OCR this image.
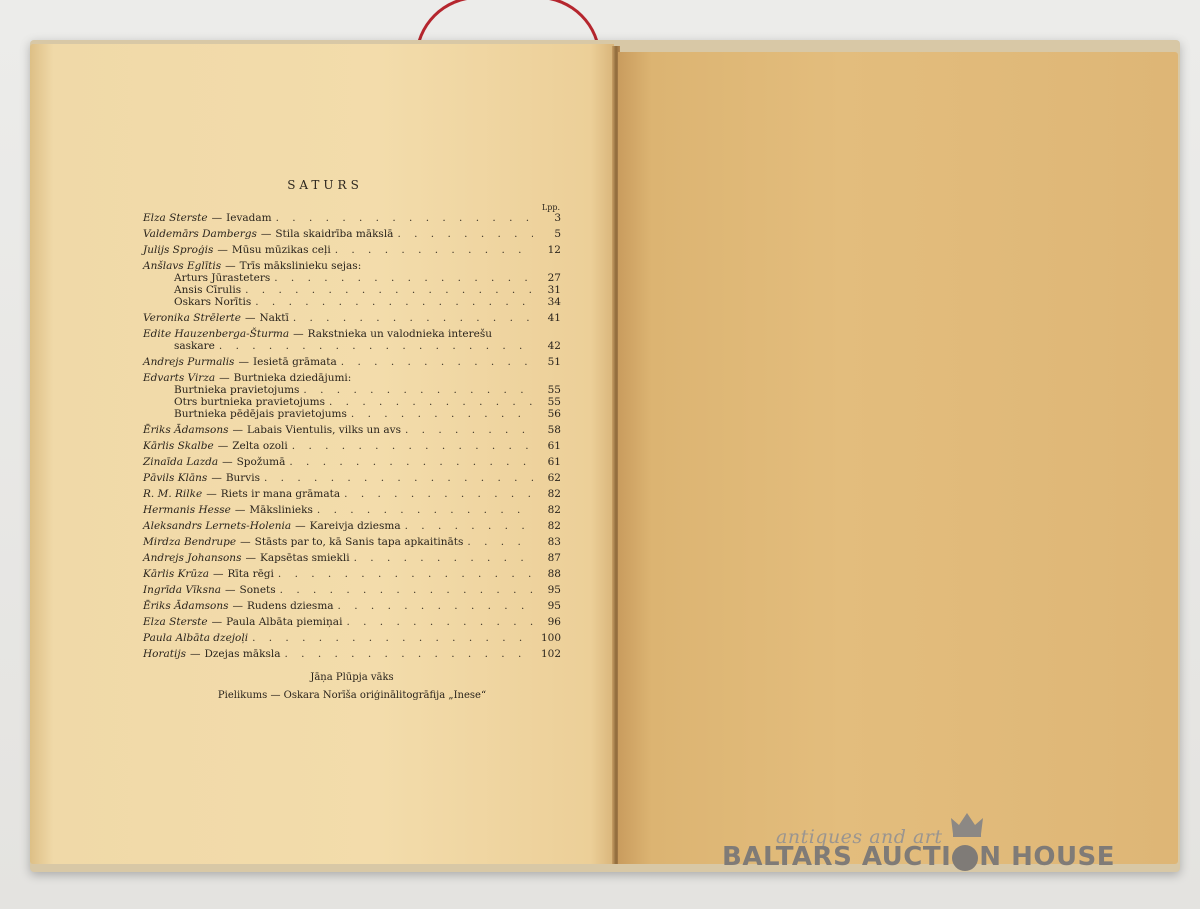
SATURS
Lpp.
Elza Sterste — Ievadam . . .	3
Valdemārs Dambergs — Stila skaidrība mākslā . . .	5
Julijs Sproģis — Mūsu mūzikas ceļi . . .	12
Anšlavs Eglītis — Trīs mākslinieku sejas:
Arturs Jūrasteters . . .	27
Ansis Cīrulis . . .	31
Oskars Norītis . . .	34
Veronika Strēlerte — Naktī . . .	41
Edite Hauzenberga-Šturma — Rakstnieka un valodnieka interešu
saskare . . .	42
Andrejs Purmalis — Iesietā grāmata . . .	51
Edvarts Virza — Burtnieka dziedājumi:
Burtnieka pravietojums . . .	55
Otrs burtnieka pravietojums . . .	55
Burtnieka pēdējais pravietojums . . .	56
Ēriks Ādamsons — Labais Vientulis, vilks un avs . . .	58
Kārlis Skalbe — Zelta ozoli . . .	61
Zinaīda Lazda — Spožumā . . .	61
Pāvils Klāns — Burvis . . .	62
R. M. Rilke — Riets ir mana grāmata . . .	82
Hermanis Hesse — Mākslinieks . . .	82
Aleksandrs Lernets-Holenia — Kareivja dziesma . . .	82
Mirdza Bendrupe — Stāsts par to, kā Sanis tapa apkaitināts . . .	83
Andrejs Johansons — Kapsētas smiekli . . .	87
Kārlis Krūza — Rīta rēgi . . .	88
Ingrīda Vīksna — Sonets . . .	95
Ēriks Ādamsons — Rudens dziesma . . .	95
Elza Sterste — Paula Albāta piemiņai . . .	96
Paula Albāta dzejoļi . . .	100
Horatijs — Dzejas māksla . . .	102
Jāņa Plūpja vāks
Pielikums — Oskara Norīša oriģinālitogrāfija „Inese“
antiques and art
BALTARS AUCTI N HOUSE
